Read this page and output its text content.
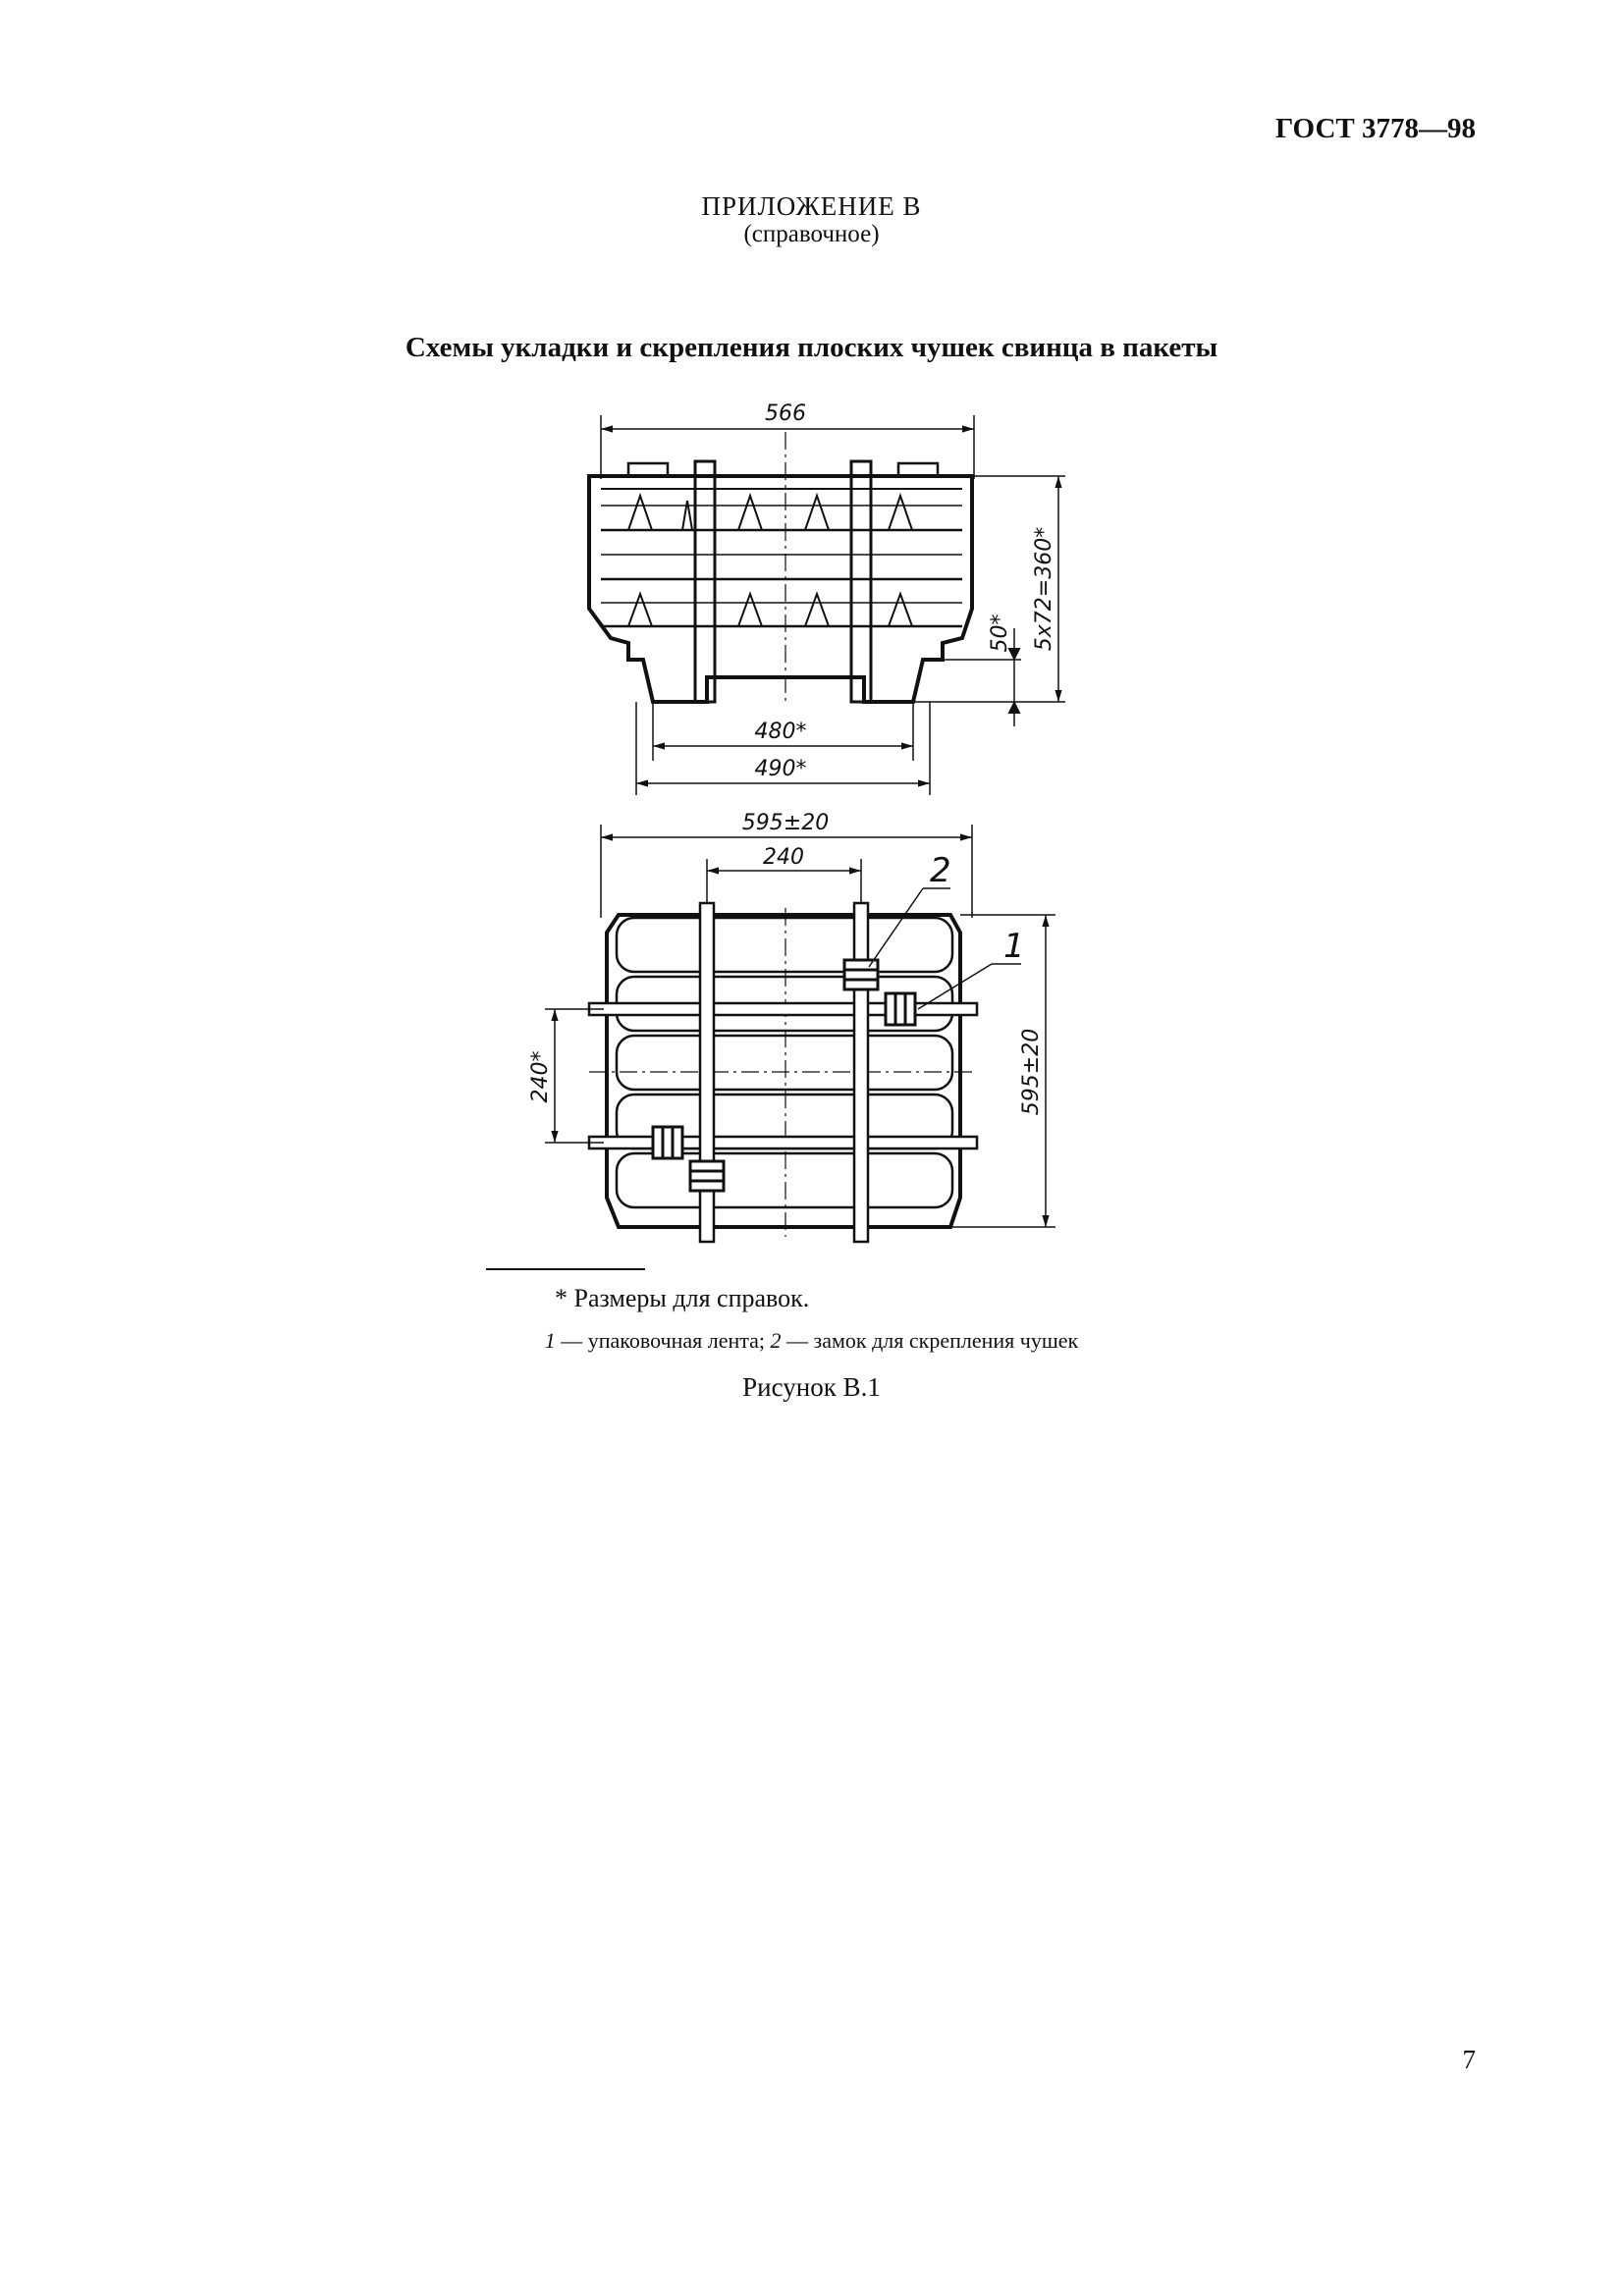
ГОСТ 3778—98
ПРИЛОЖЕНИЕ В
(справочное)
Схемы укладки и скрепления плоских чушек свинца в пакеты
566
5х72=360*
50*
480*
490*
595±20
240
240*	595±20
1
2
* Размеры для справок.
1 — упаковочная лента; 2 — замок для скрепления чушек
Рисунок В.1
7
